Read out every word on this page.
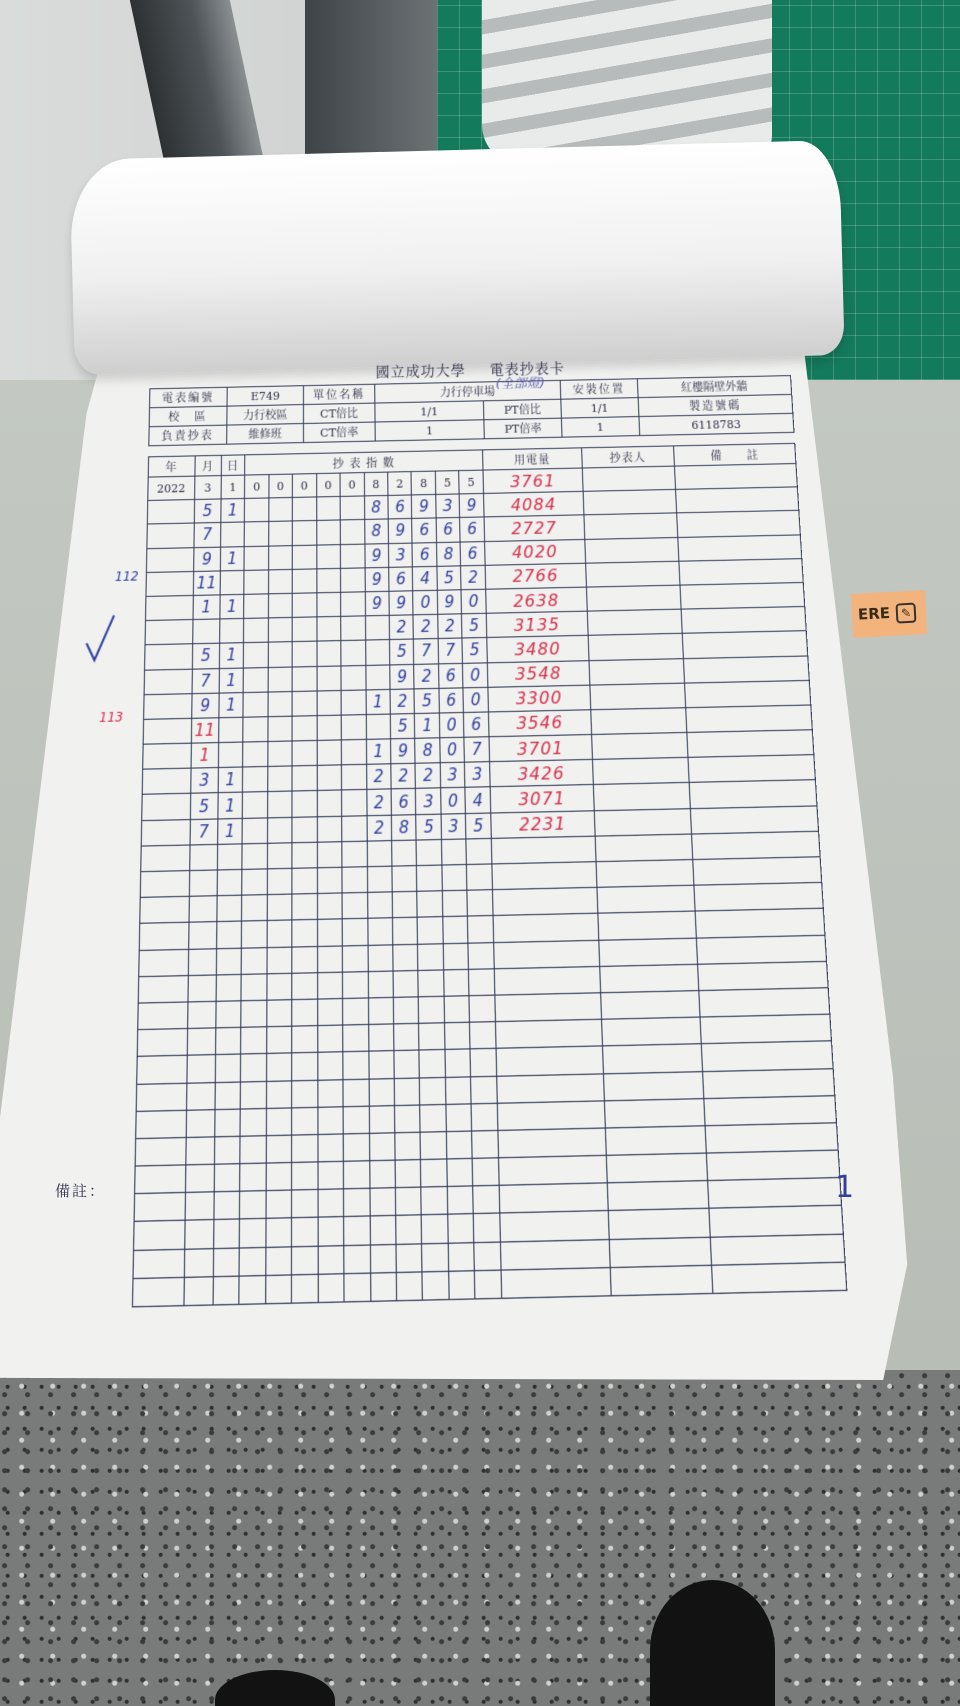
ERE ✎
國立成功大學 電表抄表卡
(全部燈)
電表編號	E749	單位名稱	力行停車場		安裝位置	紅樓隔壁外牆
校　區	力行校區	CT倍比	1/1	PT倍比	1/1	製造號碼
負責抄表	維修班	CT倍率	1	PT倍率	1	6118783
年	月	日	抄 表 指 數										用電量	抄表人	備　　註
2022	3	1	0	0	0	0	0	8	2	8	5	5	3761		
	5	1						8	6	9	3	9	4084		
	7							8	9	6	6	6	2727		
	9	1						9	3	6	8	6	4020		
	11							9	6	4	5	2	2766		
	1	1						9	9	0	9	0	2638		
									2	2	2	5	3135		
	5	1							5	7	7	5	3480		
	7	1							9	2	6	0	3548		
	9	1						1	2	5	6	0	3300		
	11								5	1	0	6	3546		
	1							1	9	8	0	7	3701		
	3	1						2	2	2	3	3	3426		
	5	1						2	6	3	0	4	3071		
	7	1						2	8	5	3	5	2231		

112
113
備註：	1
